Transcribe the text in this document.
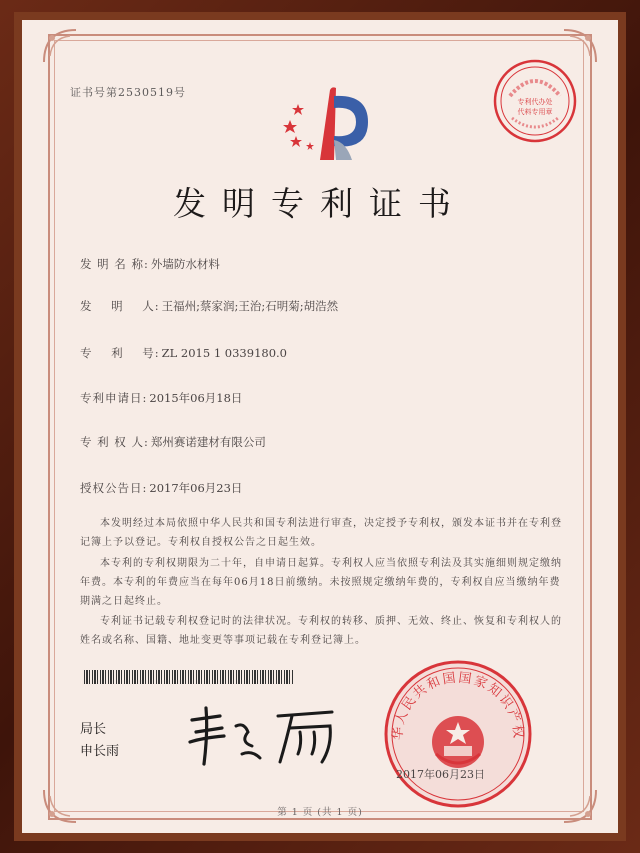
证书号第2530519号
专利代办处
代料专用章
发明专利证书
发 明 名 称: 外墙防水材料
发    明    人: 王福州;蔡家润;王治;石明菊;胡浩然
专    利    号: ZL 2015 1 0339180.0
专利申请日: 2015年06月18日
专 利 权 人: 郑州赛诺建材有限公司
授权公告日: 2017年06月23日
本发明经过本局依照中华人民共和国专利法进行审查，决定授予专利权，颁发本证书并在专利登记簿上予以登记。专利权自授权公告之日起生效。
本专利的专利权期限为二十年，自申请日起算。专利权人应当依照专利法及其实施细则规定缴纳年费。本专利的年费应当在每年06月18日前缴纳。未按照规定缴纳年费的，专利权自应当缴纳年费期满之日起终止。
专利证书记载专利权登记时的法律状况。专利权的转移、质押、无效、终止、恢复和专利权人的姓名或名称、国籍、地址变更等事项记载在专利登记簿上。
局长
申长雨
华人民共和国国家知识产权
2017年06月23日
第 1 页 (共 1 页)
